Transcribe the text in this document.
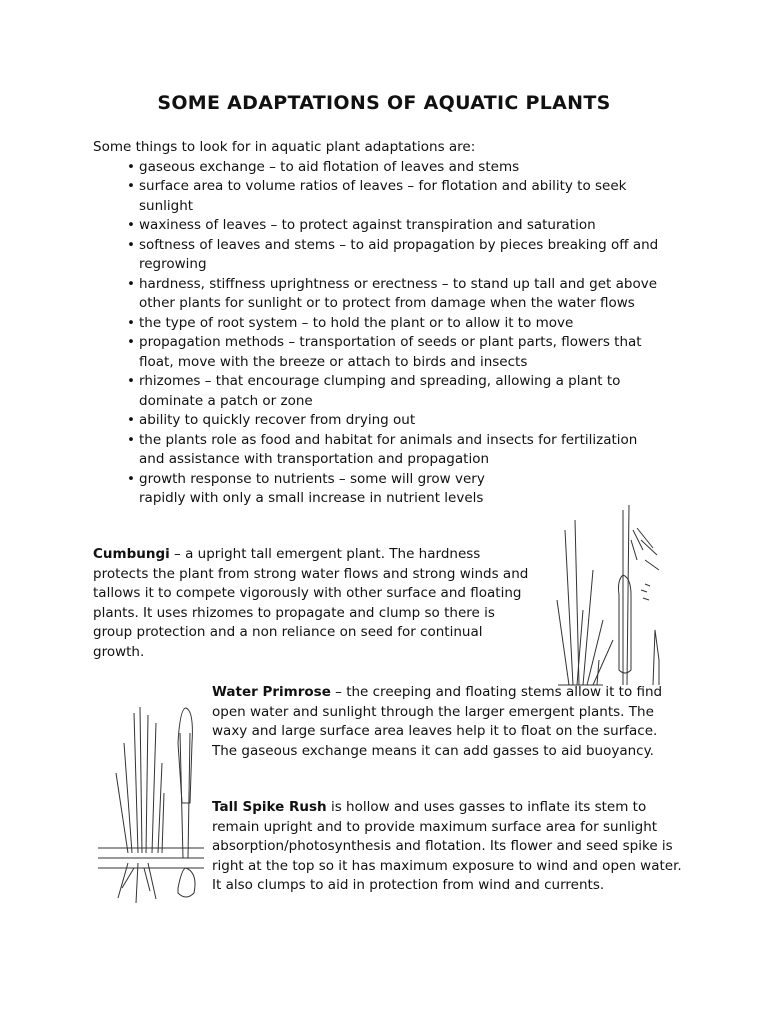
SOME ADAPTATIONS OF AQUATIC PLANTS

Some things to look for in aquatic plant adaptations are:

• gaseous exchange – to aid flotation of leaves and stems
• surface area to volume ratios of leaves – for flotation and ability to seek sunlight
• waxiness of leaves – to protect against transpiration and saturation
• softness of leaves and stems – to aid propagation by pieces breaking off and regrowing
• hardness, stiffness uprightness or erectness – to stand up tall and get above other plants for sunlight or to protect from damage when the water flows
• the type of root system – to hold the plant or to allow it to move
• propagation methods – transportation of seeds or plant parts, flowers that float, move with the breeze or attach to birds and insects
• rhizomes – that encourage clumping and spreading, allowing a plant to dominate a patch or zone
• ability to quickly recover from drying out
• the plants role as food and habitat for animals and insects for fertilization and assistance with transportation and propagation
• growth response to nutrients – some will grow very rapidly with only a small increase in nutrient levels

Cumbungi – a upright tall emergent plant. The hardness protects the plant from strong water flows and strong winds and tallows it to compete vigorously with other surface and floating plants. It uses rhizomes to propagate and clump so there is group protection and a non reliance on seed for continual growth.

Water Primrose – the creeping and floating stems allow it to find open water and sunlight through the larger emergent plants. The waxy and large surface area leaves help it to float on the surface. The gaseous exchange means it can add gasses to aid buoyancy.

Tall Spike Rush is hollow and uses gasses to inflate its stem to remain upright and to provide maximum surface area for sunlight absorption/photosynthesis and flotation. Its flower and seed spike is right at the top so it has maximum exposure to wind and open water. It also clumps to aid in protection from wind and currents.
